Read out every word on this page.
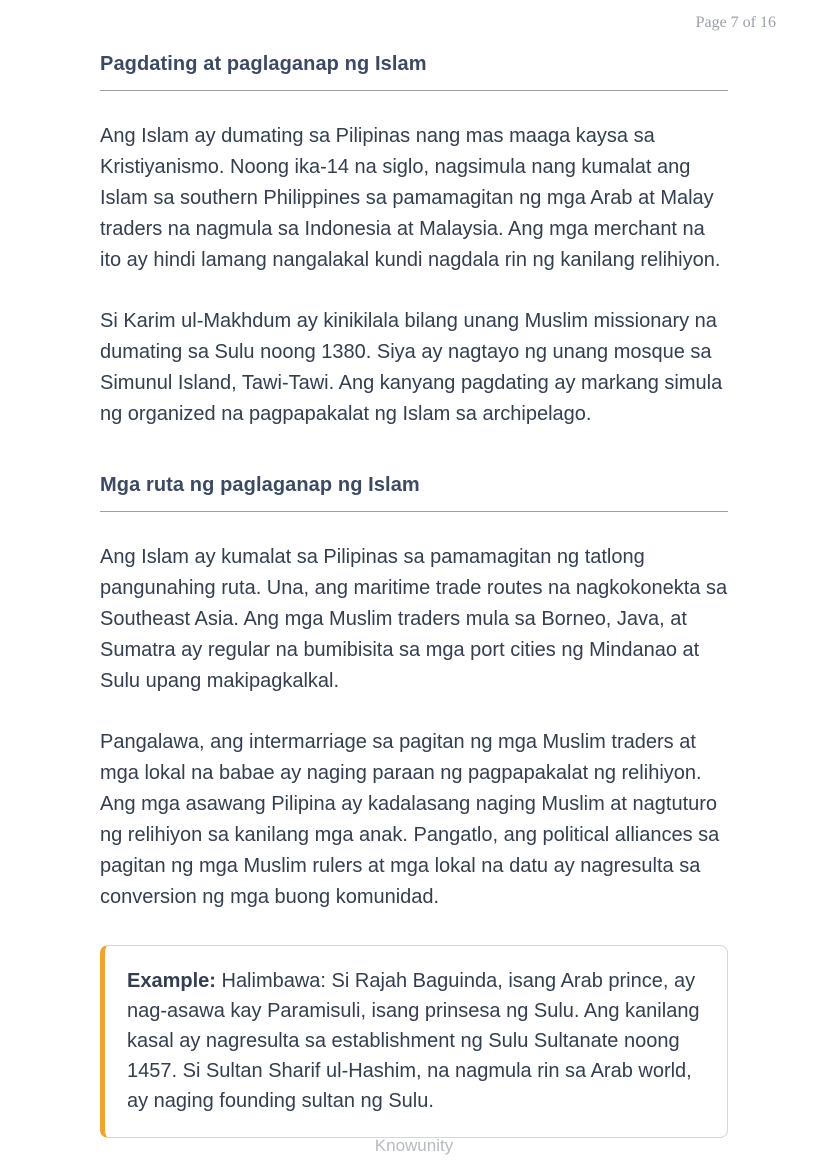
Page 7 of 16
Pagdating at paglaganap ng Islam

Ang Islam ay dumating sa Pilipinas nang mas maaga kaysa sa Kristiyanismo. Noong ika-14 na siglo, nagsimula nang kumalat ang Islam sa southern Philippines sa pamamagitan ng mga Arab at Malay traders na nagmula sa Indonesia at Malaysia. Ang mga merchant na ito ay hindi lamang nangalakal kundi nagdala rin ng kanilang relihiyon.

Si Karim ul-Makhdum ay kinikilala bilang unang Muslim missionary na dumating sa Sulu noong 1380. Siya ay nagtayo ng unang mosque sa Simunul Island, Tawi-Tawi. Ang kanyang pagdating ay markang simula ng organized na pagpapakalat ng Islam sa archipelago.

Mga ruta ng paglaganap ng Islam

Ang Islam ay kumalat sa Pilipinas sa pamamagitan ng tatlong pangunahing ruta. Una, ang maritime trade routes na nagkokonekta sa Southeast Asia. Ang mga Muslim traders mula sa Borneo, Java, at Sumatra ay regular na bumibisita sa mga port cities ng Mindanao at Sulu upang makipagkalkal.

Pangalawa, ang intermarriage sa pagitan ng mga Muslim traders at mga lokal na babae ay naging paraan ng pagpapakalat ng relihiyon. Ang mga asawang Pilipina ay kadalasang naging Muslim at nagtuturo ng relihiyon sa kanilang mga anak. Pangatlo, ang political alliances sa pagitan ng mga Muslim rulers at mga lokal na datu ay nagresulta sa conversion ng mga buong komunidad.

Example: Halimbawa: Si Rajah Baguinda, isang Arab prince, ay nag-asawa kay Paramisuli, isang prinsesa ng Sulu. Ang kanilang kasal ay nagresulta sa establishment ng Sulu Sultanate noong 1457. Si Sultan Sharif ul-Hashim, na nagmula rin sa Arab world, ay naging founding sultan ng Sulu.

Knowunity
